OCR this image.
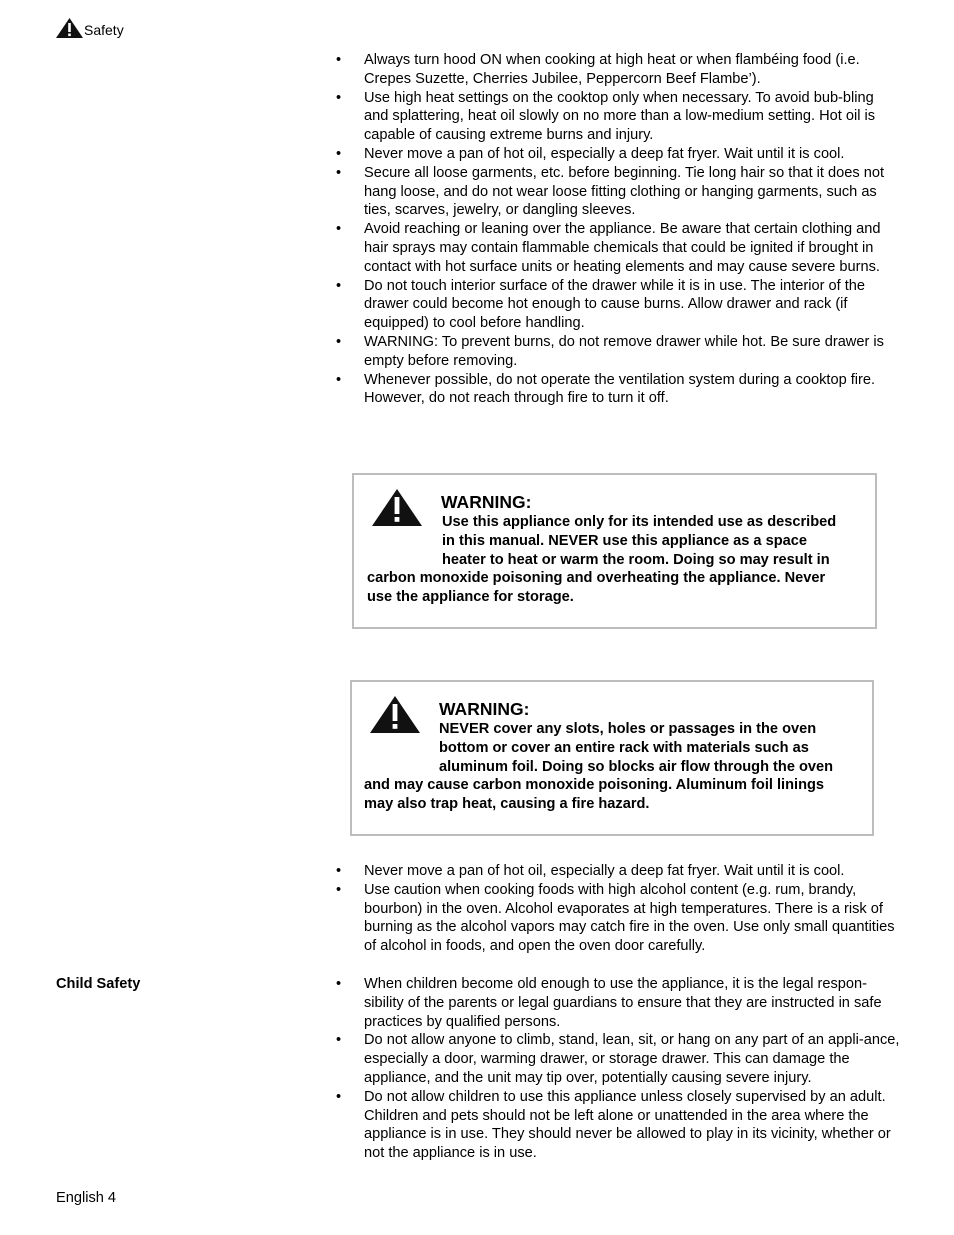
Safety
• Always turn hood ON when cooking at high heat or when flambéing food (i.e. Crepes Suzette, Cherries Jubilee, Peppercorn Beef Flambe’).
• Use high heat settings on the cooktop only when necessary. To avoid bub-bling and splattering, heat oil slowly on no more than a low-medium setting. Hot oil is capable of causing extreme burns and injury.
• Never move a pan of hot oil, especially a deep fat fryer. Wait until it is cool.
• Secure all loose garments, etc. before beginning. Tie long hair so that it does not hang loose, and do not wear loose fitting clothing or hanging garments, such as ties, scarves, jewelry, or dangling sleeves.
• Avoid reaching or leaning over the appliance. Be aware that certain clothing and hair sprays may contain flammable chemicals that could be ignited if brought in contact with hot surface units or heating elements and may cause severe burns.
• Do not touch interior surface of the drawer while it is in use. The interior of the drawer could become hot enough to cause burns. Allow drawer and rack (if equipped) to cool before handling.
• WARNING: To prevent burns, do not remove drawer while hot. Be sure drawer is empty before removing.
• Whenever possible, do not operate the ventilation system during a cooktop fire. However, do not reach through fire to turn it off.
WARNING:
Use this appliance only for its intended use as described
in this manual. NEVER use this appliance as a space
heater to heat or warm the room. Doing so may result in
carbon monoxide poisoning and overheating the appliance. Never
use the appliance for storage.
WARNING:
NEVER cover any slots, holes or passages in the oven
bottom or cover an entire rack with materials such as
aluminum foil. Doing so blocks air flow through the oven
and may cause carbon monoxide poisoning. Aluminum foil linings
may also trap heat, causing a fire hazard.
• Never move a pan of hot oil, especially a deep fat fryer. Wait until it is cool.
• Use caution when cooking foods with high alcohol content (e.g. rum, brandy, bourbon) in the oven. Alcohol evaporates at high temperatures. There is a risk of burning as the alcohol vapors may catch fire in the oven. Use only small quantities of alcohol in foods, and open the oven door carefully.
Child Safety
•	When children become old enough to use the appliance, it is the legal respon-sibility of the parents or legal guardians to ensure that they are instructed in safe practices by qualified persons.
• Do not allow anyone to climb, stand, lean, sit, or hang on any part of an appli-ance, especially a door, warming drawer, or storage drawer. This can damage the appliance, and the unit may tip over, potentially causing severe injury.
• Do not allow children to use this appliance unless closely supervised by an adult. Children and pets should not be left alone or unattended in the area where the appliance is in use. They should never be allowed to play in its vicinity, whether or not the appliance is in use.
English 4
